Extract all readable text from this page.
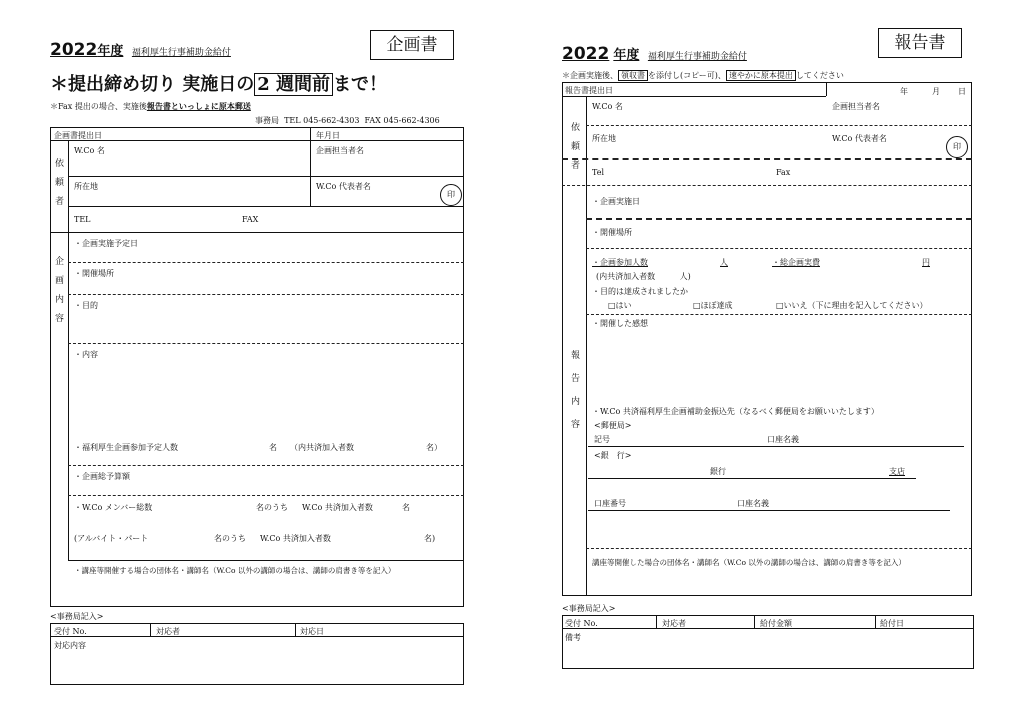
2022年度 福利厚生行事補助金給付	企画書
＊提出締め切り 実施日の 2 週間前 まで！
＊Fax 提出の場合、実施後報告書といっしょに原本郵送
事務局 TEL 045-662-4303 FAX 045-662-4306
企画書提出日	年月日
依頼者
W.Co 名	企画担当者名
所在地	W.Co 代表者名
印
TEL	FAX
企画内容
・企画実施予定日
・開催場所
・目的
・内容
・福利厚生企画参加予定人数	名 （内共済加入者数	名）
・企画総予算額
・W.Co メンバー総数	名のうち W.Co 共済加入者数	名
(アルバイト・パート	名のうち W.Co 共済加入者数	名)
・講座等開催する場合の団体名・講師名（W.Co 以外の講師の場合は、講師の肩書き等を記入）
<事務局記入>
受付 No.	対応者	対応日
対応内容
2022 年度 福利厚生行事補助金給付
報告書
＊企画実施後、 領収書 を添付し(コピー可)、 速やかに原本提出 してください
報告書提出日	年	月 日
依頼者
W.Co 名	企画担当者名
所在地	W.Co 代表者名
印
Tel	Fax
報告内容
・企画実施日
・開催場所
・企画参加人数	人	・総企画実費	円
(内共済加入者数	人)
・目的は達成されましたか
□はい	□ほぼ達成	□いいえ（下に理由を記入してください）
・開催した感想
・W.Co 共済福利厚生企画補助金振込先（なるべく郵便局をお願いいたします）
<郵便局>
記号	口座名義
<銀　行>
銀行	支店
口座番号	口座名義
講座等開催した場合の団体名・講師名（W.Co 以外の講師の場合は、講師の肩書き等を記入）
<事務局記入>
受付 No.	対応者	給付金額	給付日
備考
